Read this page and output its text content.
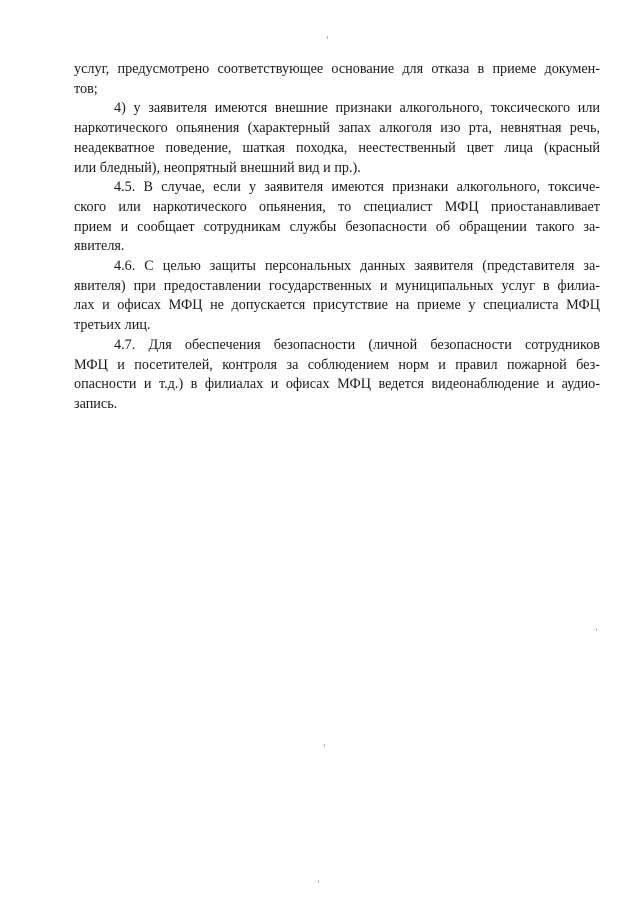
услуг, предусмотрено соответствующее основание для отказа в приеме докумен-
тов;
4) у заявителя имеются внешние признаки алкогольного, токсического или
наркотического опьянения (характерный запах алкоголя изо рта, невнятная речь,
неадекватное поведение, шаткая походка, неестественный цвет лица (красный
или бледный), неопрятный внешний вид и пр.).
4.5. В случае, если у заявителя имеются признаки алкогольного, токсиче-
ского или наркотического опьянения, то специалист МФЦ приостанавливает
прием и сообщает сотрудникам службы безопасности об обращении такого за-
явителя.
4.6. С целью защиты персональных данных заявителя (представителя за-
явителя) при предоставлении государственных и муниципальных услуг в филиа-
лах и офисах МФЦ не допускается присутствие на приеме у специалиста МФЦ
третьих лиц.
4.7. Для обеспечения безопасности (личной безопасности сотрудников
МФЦ и посетителей, контроля за соблюдением норм и правил пожарной без-
опасности и т.д.) в филиалах и офисах МФЦ ведется видеонаблюдение и аудио-
запись.
